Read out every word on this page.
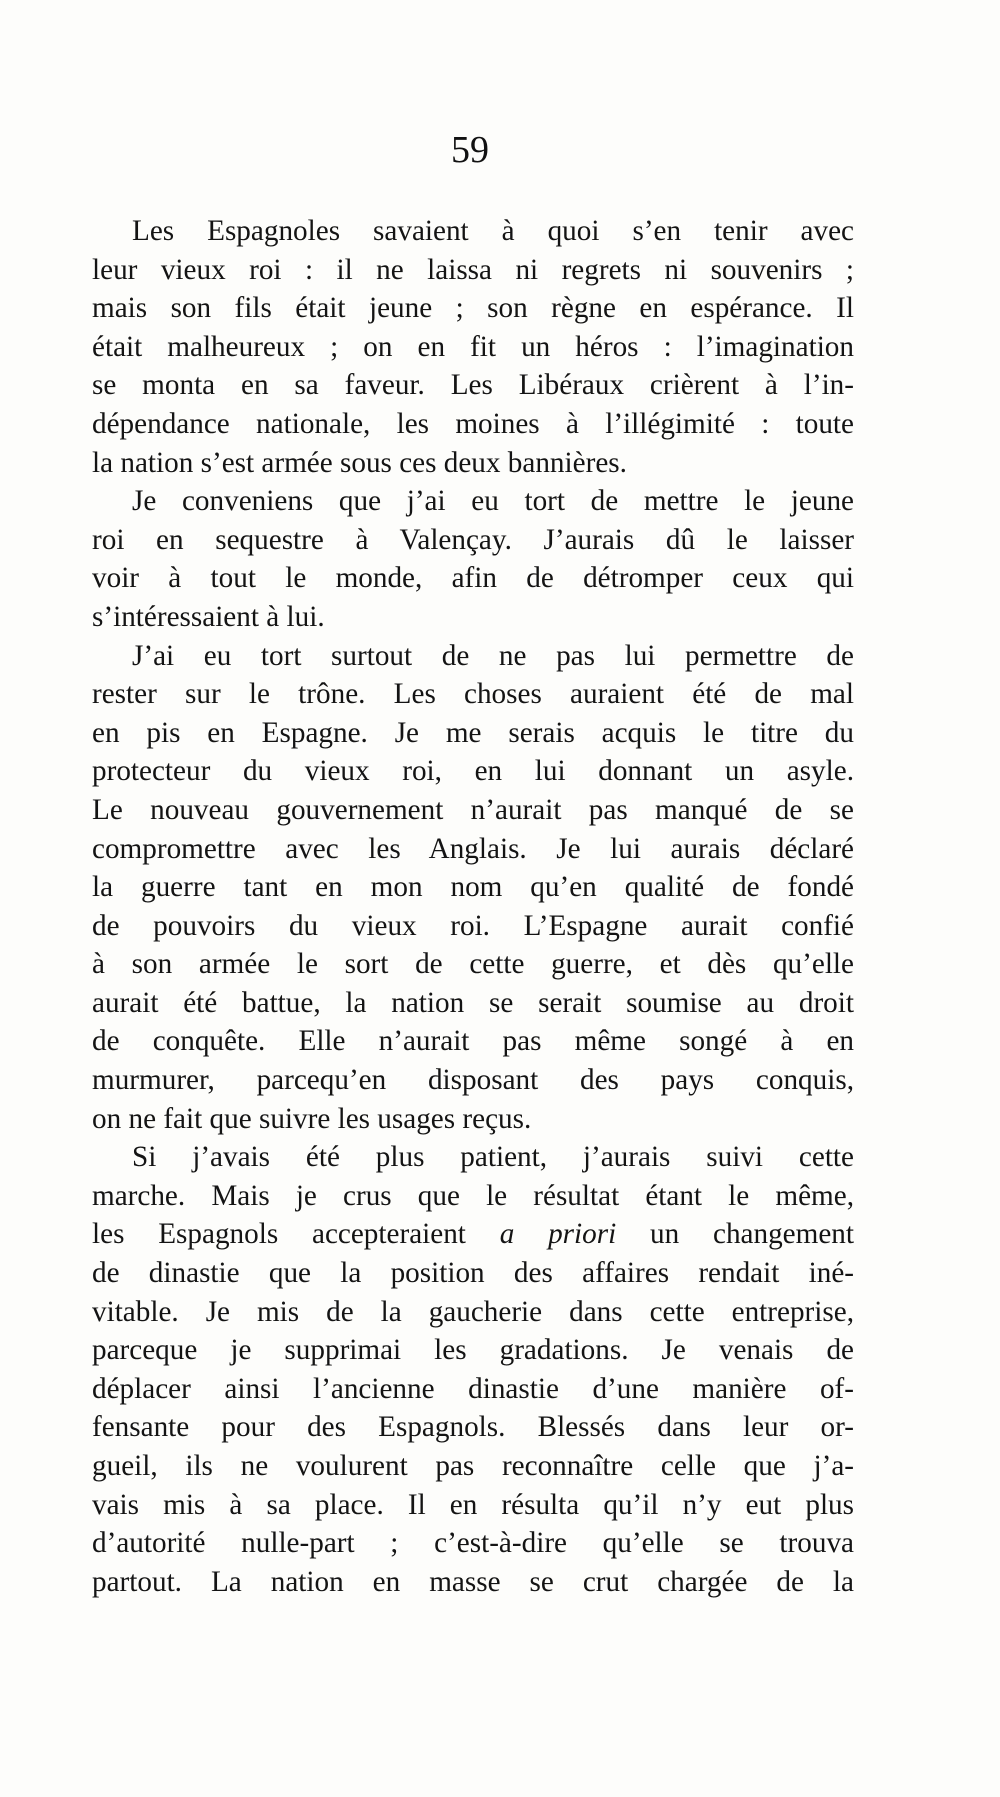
59
Les Espagnoles savaient à quoi s’en tenir avec
leur vieux roi : il ne laissa ni regrets ni souvenirs ;
mais son fils était jeune ; son règne en espérance. Il
était malheureux ; on en fit un héros : l’imagination
se monta en sa faveur. Les Libéraux crièrent à l’in-
dépendance nationale, les moines à l’illégimité : toute
la nation s’est armée sous ces deux bannières.
Je conveniens que j’ai eu tort de mettre le jeune
roi en sequestre à Valençay. J’aurais dû le laisser
voir à tout le monde, afin de détromper ceux qui
s’intéressaient à lui.
J’ai eu tort surtout de ne pas lui permettre de
rester sur le trône. Les choses auraient été de mal
en pis en Espagne. Je me serais acquis le titre du
protecteur du vieux roi, en lui donnant un asyle.
Le nouveau gouvernement n’aurait pas manqué de se
compromettre avec les Anglais. Je lui aurais déclaré
la guerre tant en mon nom qu’en qualité de fondé
de pouvoirs du vieux roi. L’Espagne aurait confié
à son armée le sort de cette guerre, et dès qu’elle
aurait été battue, la nation se serait soumise au droit
de conquête. Elle n’aurait pas même songé à en
murmurer, parcequ’en disposant des pays conquis,
on ne fait que suivre les usages reçus.
Si j’avais été plus patient, j’aurais suivi cette
marche. Mais je crus que le résultat étant le même,
les Espagnols accepteraient a priori un changement
de dinastie que la position des affaires rendait iné-
vitable. Je mis de la gaucherie dans cette entreprise,
parceque je supprimai les gradations. Je venais de
déplacer ainsi l’ancienne dinastie d’une manière of-
fensante pour des Espagnols. Blessés dans leur or-
gueil, ils ne voulurent pas reconnaître celle que j’a-
vais mis à sa place. Il en résulta qu’il n’y eut plus
d’autorité nulle-part ; c’est-à-dire qu’elle se trouva
partout. La nation en masse se crut chargée de la
